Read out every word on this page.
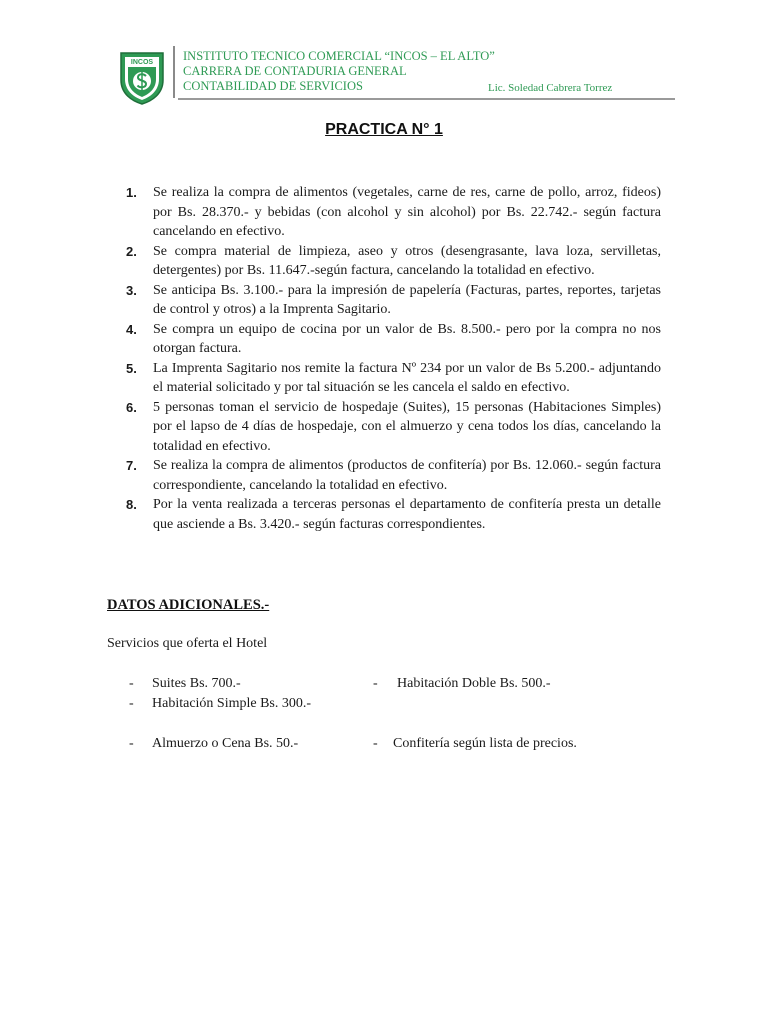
INCOS INSTITUTO TECNICO COMERCIAL “INCOS – EL ALTO”
CARRERA DE CONTADURIA GENERAL
CONTABILIDAD DE SERVICIOS	Lic. Soledad Cabrera Torrez
PRACTICA N° 1
1. Se realiza la compra de alimentos (vegetales, carne de res, carne de pollo, arroz, fideos) por Bs. 28.370.- y bebidas (con alcohol y sin alcohol) por Bs. 22.742.- según factura cancelando en efectivo.
2. Se compra material de limpieza, aseo y otros (desengrasante, lava loza, servilletas, detergentes) por Bs. 11.647.-según factura, cancelando la totalidad en efectivo.
3. Se anticipa Bs. 3.100.- para la impresión de papelería (Facturas, partes, reportes, tarjetas de control y otros) a la Imprenta Sagitario.
4. Se compra un equipo de cocina por un valor de Bs. 8.500.- pero por la compra no nos otorgan factura.
5. La Imprenta Sagitario nos remite la factura Nº 234 por un valor de Bs 5.200.- adjuntando el material solicitado y por tal situación se les cancela el saldo en efectivo.
6. 5 personas toman el servicio de hospedaje (Suites), 15 personas (Habitaciones Simples) por el lapso de 4 días de hospedaje, con el almuerzo y cena todos los días, cancelando la totalidad en efectivo.
7. Se realiza la compra de alimentos (productos de confitería) por Bs. 12.060.- según factura correspondiente, cancelando la totalidad en efectivo.
8. Por la venta realizada a terceras personas el departamento de confitería presta un detalle que asciende a Bs. 3.420.- según facturas correspondientes.
DATOS ADICIONALES.-
Servicios que oferta el Hotel
- Suites Bs. 700.-	- Habitación Doble Bs. 500.-
- Habitación Simple Bs. 300.-
- Almuerzo o Cena Bs. 50.-	- Confitería según lista de precios.
